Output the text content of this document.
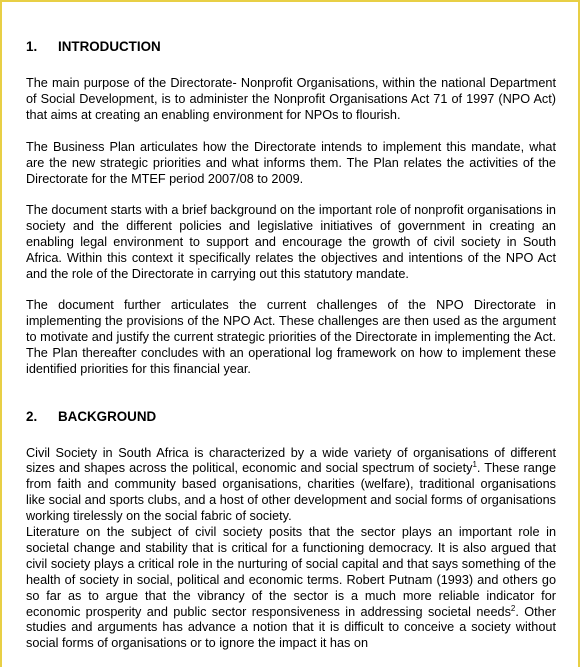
1. INTRODUCTION

The main purpose of the Directorate- Nonprofit Organisations, within the national Department of Social Development, is to administer the Nonprofit Organisations Act 71 of 1997 (NPO Act) that aims at creating an enabling environment for NPOs to flourish.

The Business Plan articulates how the Directorate intends to implement this mandate, what are the new strategic priorities and what informs them. The Plan relates the activities of the Directorate for the MTEF period 2007/08 to 2009.

The document starts with a brief background on the important role of nonprofit organisations in society and the different policies and legislative initiatives of government in creating an enabling legal environment to support and encourage the growth of civil society in South Africa. Within this context it specifically relates the objectives and intentions of the NPO Act and the role of the Directorate in carrying out this statutory mandate.

The document further articulates the current challenges of the NPO Directorate in implementing the provisions of the NPO Act. These challenges are then used as the argument to motivate and justify the current strategic priorities of the Directorate in implementing the Act. The Plan thereafter concludes with an operational log framework on how to implement these identified priorities for this financial year.

2. BACKGROUND

Civil Society in South Africa is characterized by a wide variety of organisations of different sizes and shapes across the political, economic and social spectrum of society$^1$. These range from faith and community based organisations, charities (welfare), traditional organisations like social and sports clubs, and a host of other development and social forms of organisations working tirelessly on the social fabric of society.

Literature on the subject of civil society posits that the sector plays an important role in societal change and stability that is critical for a functioning democracy. It is also argued that civil society plays a critical role in the nurturing of social capital and that says something of the health of society in social, political and economic terms. Robert Putnam (1993) and others go so far as to argue that the vibrancy of the sector is a much more reliable indicator for economic prosperity and public sector responsiveness in addressing societal needs$^2$. Other studies and arguments has advance a notion that it is difficult to conceive a society without social forms of organisations or to ignore the impact it has on
